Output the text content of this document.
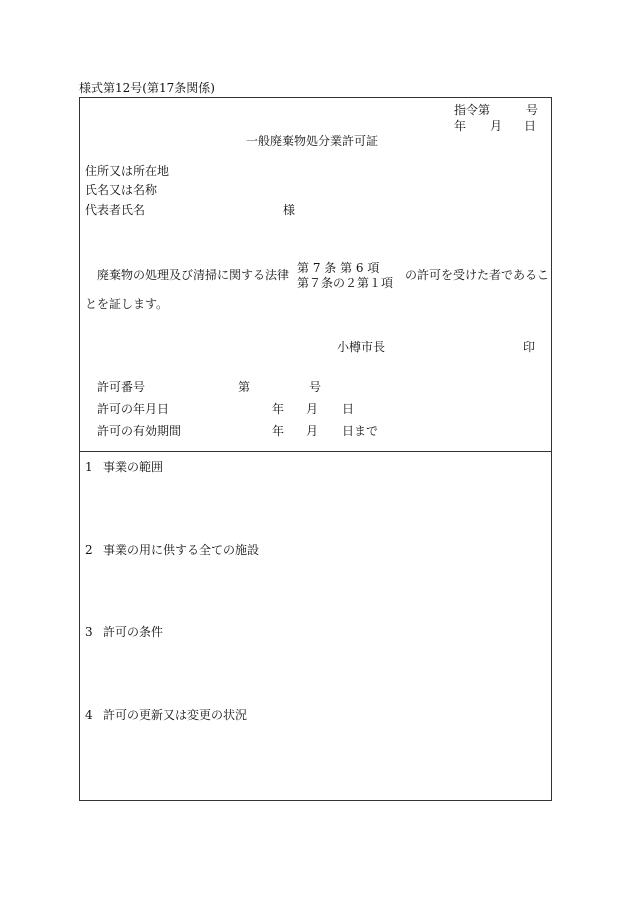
様式第12号(第17条関係)
指令第	号
年 月 日
一般廃棄物処分業許可証
住所又は所在地
氏名又は名称
代表者氏名	様
廃棄物の処理及び清掃に関する法律 第 7 条 第 6 項
第７条の２第１項
の許可を受けた者であるこ
とを証します。
小樽市長	印
許可番号	第	号
許可の年月日	年 月 日
許可の有効期間	年 月 日まで
1 事業の範囲
2 事業の用に供する全ての施設
3 許可の条件
4 許可の更新又は変更の状況
